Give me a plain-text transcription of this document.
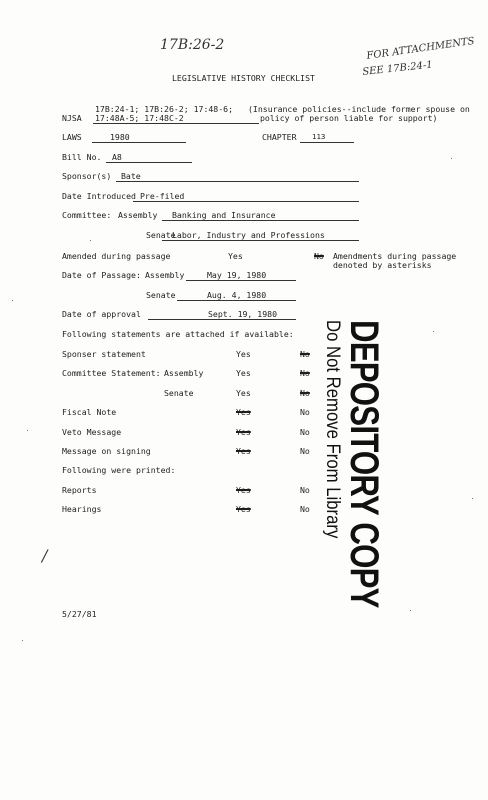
17B:26-2	FOR ATTACHMENTS
SEE 17B:24-1
/
LEGISLATIVE HISTORY CHECKLIST
NJSA
17B:24-1; 17B:26-2; 17:48-6;
17:48A-5; 17:48C-2
(Insurance policies--include former spouse on
policy of person liable for support)
LAWS	1980	CHAPTER 113
Bill No. A8
Sponsor(s) Bate
Date Introduced Pre-filed
Committee: Assembly Banking and Insurance
Senate
Labor, Industry and Professions
Amended during passage	Yes	No Amendments during passage
denoted by asterisks
Date of Passage: Assembly	May 19, 1980
Senate	Aug. 4, 1980
Date of approval	Sept. 19, 1980
Following statements are attached if available:
Sponser statement	Yes	No
Committee Statement: Assembly	Yes	No
Senate	Yes	No
Fiscal Note	Yes	No
Veto Message	Yes	No
Message on signing	Yes	No
Following were printed:
Reports	Yes	No
Hearings	Yes	No DEPOSITORY COPY
Do Not Remove From Library
5/27/81
